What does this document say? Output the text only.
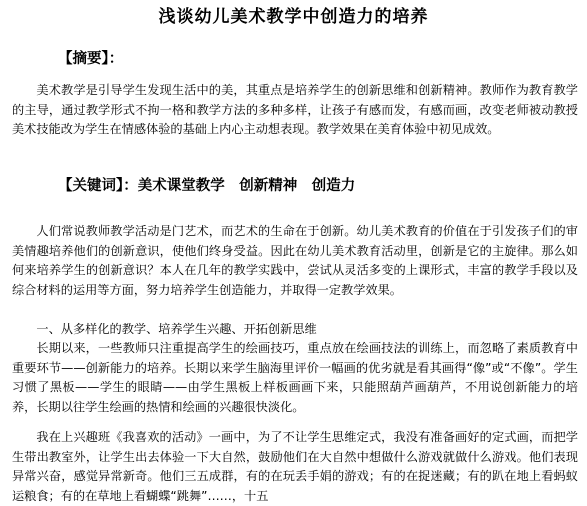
浅谈幼儿美术教学中创造力的培养
【摘要】：

美术教学是引导学生发现生活中的美，其重点是培养学生的创新思维和创新精神。教师作为教育教学的主导，通过教学形式不拘一格和教学方法的多种多样，让孩子有感而发，有感而画，改变老师被动教授美术技能改为学生在情感体验的基础上内心主动想表现。教学效果在美育体验中初见成效。

【关键词】：美术课堂教学　创新精神　创造力

人们常说教师教学活动是门艺术，而艺术的生命在于创新。幼儿美术教育的价值在于引发孩子们的审美情趣培养他们的创新意识，使他们终身受益。因此在幼儿美术教育活动里，创新是它的主旋律。那么如何来培养学生的创新意识？本人在几年的教学实践中，尝试从灵活多变的上课形式，丰富的教学手段以及综合材料的运用等方面，努力培养学生创造能力，并取得一定教学效果。

一、从多样化的教学、培养学生兴趣、开拓创新思维

长期以来，一些教师只注重提高学生的绘画技巧，重点放在绘画技法的训练上，而忽略了素质教育中重要环节——创新能力的培养。长期以来学生脑海里评价一幅画的优劣就是看其画得“像”或“不像”。学生习惯了黑板——学生的眼睛——由学生黑板上样板画画下来，只能照葫芦画葫芦，不用说创新能力的培养，长期以往学生绘画的热情和绘画的兴趣很快淡化。

我在上兴趣班《我喜欢的活动》一画中，为了不让学生思维定式，我没有准备画好的定式画，而把学生带出教室外，让学生出去体验一下大自然，鼓励他们在大自然中想做什么游戏就做什么游戏。他们表现异常兴奋，感觉异常新奇。他们三五成群，有的在玩丢手娟的游戏；有的在捉迷藏；有的趴在地上看蚂蚁运粮食；有的在草地上看蝴蝶“跳舞”……，十五
